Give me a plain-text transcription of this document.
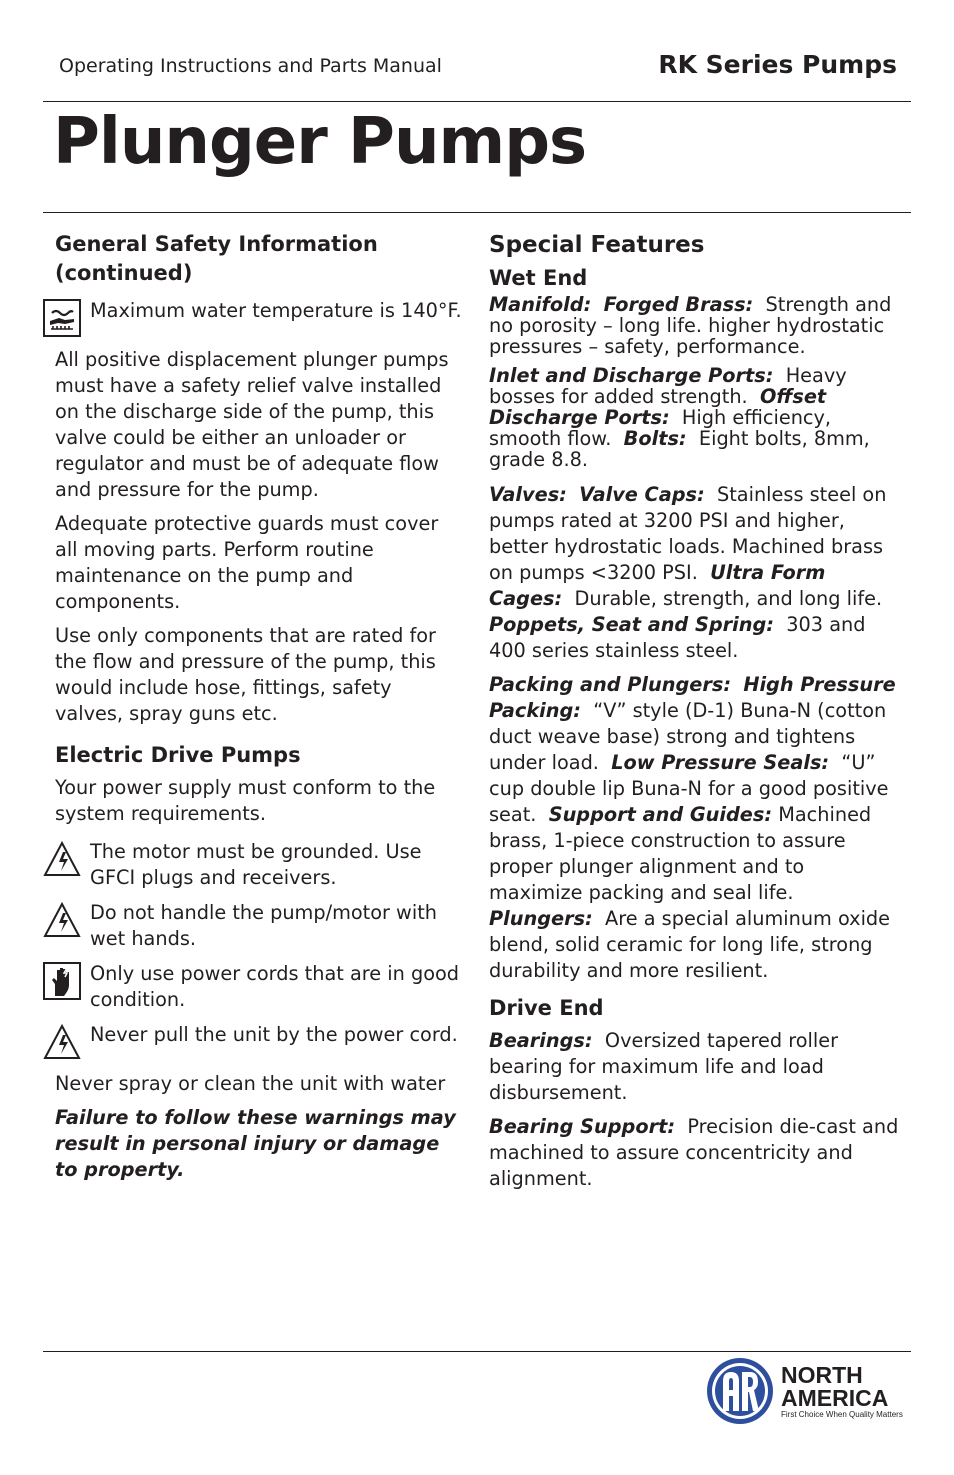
Operating Instructions and Parts Manual	RK Series Pumps
Plunger Pumps
General Safety Information (continued)
Maximum water temperature is 140°F.

All positive displacement plunger pumps must have a safety relief valve installed on the discharge side of the pump, this valve could be either an unloader or regulator and must be of adequate flow and pressure for the pump.

Adequate protective guards must cover all moving parts. Perform routine maintenance on the pump and components.

Use only components that are rated for the flow and pressure of the pump, this would include hose, fittings, safety valves, spray guns etc.

Electric Drive Pumps

Your power supply must conform to the system requirements.

The motor must be grounded. Use GFCI plugs and receivers.
Do not handle the pump/motor with wet hands.
Only use power cords that are in good condition.
Never pull the unit by the power cord.

Never spray or clean the unit with water

Failure to follow these warnings may result in personal injury or damage to property.

Special Features
Wet End

Manifold: Forged Brass: Strength and no porosity – long life. higher hydrostatic pressures – safety, performance.

Inlet and Discharge Ports: Heavy bosses for added strength. Offset Discharge Ports: High efficiency, smooth flow. Bolts: Eight bolts, 8mm, grade 8.8.

Valves: Valve Caps: Stainless steel on pumps rated at 3200 PSI and higher, better hydrostatic loads. Machined brass on pumps <3200 PSI. Ultra Form Cages: Durable, strength, and long life. Poppets, Seat and Spring: 303 and 400 series stainless steel.

Packing and Plungers: High Pressure Packing: “V” style (D-1) Buna-N (cotton duct weave base) strong and tightens under load. Low Pressure Seals: “U” cup double lip Buna-N for a good positive seat. Support and Guides: Machined brass, 1-piece construction to assure proper plunger alignment and to maximize packing and seal life. Plungers: Are a special aluminum oxide blend, solid ceramic for long life, strong durability and more resilient.

Drive End

Bearings: Oversized tapered roller bearing for maximum life and load disbursement.

Bearing Support: Precision die-cast and machined to assure concentricity and alignment.

NORTH
AMERICA
First Choice When Quality Matters
